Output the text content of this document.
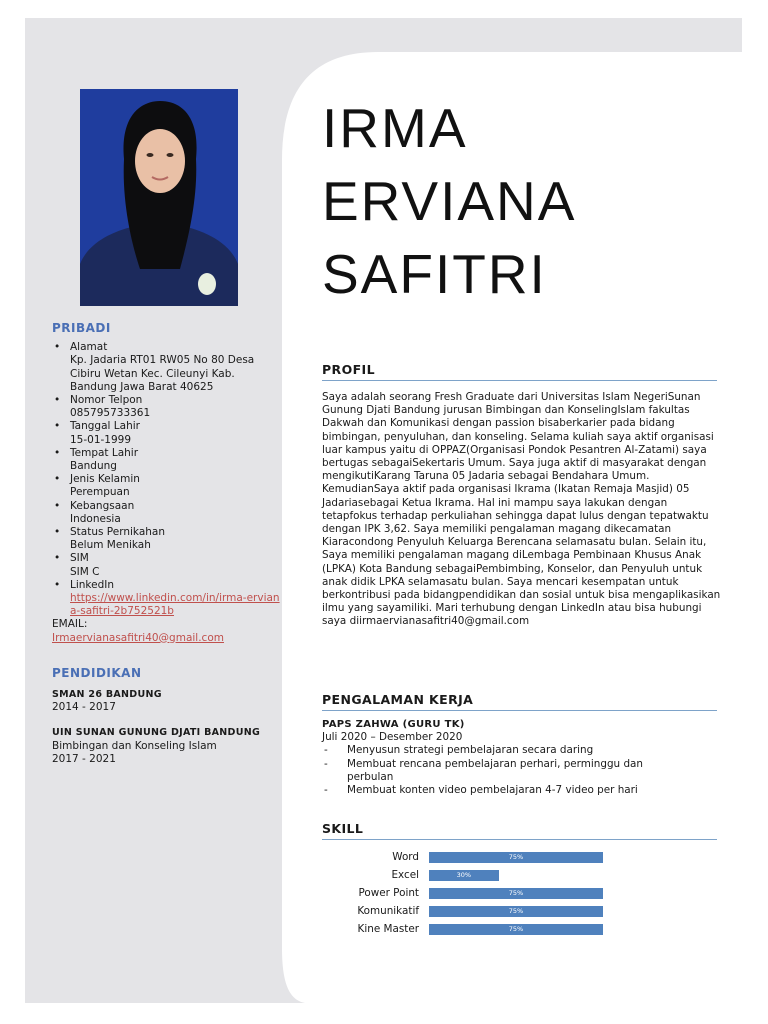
PRIBADI
• Alamat
Kp. Jadaria RT01 RW05 No 80 Desa Cibiru Wetan Kec. Cileunyi Kab. Bandung Jawa Barat 40625
• Nomor Telpon
085795733361
• Tanggal Lahir
15-01-1999
• Tempat Lahir
Bandung
• Jenis Kelamin
Perempuan
• Kebangsaan
Indonesia
• Status Pernikahan
Belum Menikah
• SIM
SIM C
• LinkedIn
https://www.linkedin.com/in/irma-erviana-safitri-2b752521b
EMAIL:
Irmaervianasafitri40@gmail.com
PENDIDIKAN
SMAN 26 BANDUNG
2014 - 2017
UIN SUNAN GUNUNG DJATI BANDUNG
Bimbingan dan Konseling Islam
2017 - 2021
IRMA
ERVIANA
SAFITRI
PROFIL

Saya adalah seorang Fresh Graduate dari Universitas Islam NegeriSunan Gunung Djati Bandung jurusan Bimbingan dan KonselingIslam fakultas Dakwah dan Komunikasi dengan passion bisaberkarier pada bidang bimbingan, penyuluhan, dan konseling. Selama kuliah saya aktif organisasi luar kampus yaitu di OPPAZ(Organisasi Pondok Pesantren Al-Zatami) saya bertugas sebagaiSekertaris Umum. Saya juga aktif di masyarakat dengan mengikutiKarang Taruna 05 Jadaria sebagai Bendahara Umum. KemudianSaya aktif pada organisasi Ikrama (Ikatan Remaja Masjid) 05 Jadariasebagai Ketua Ikrama. Hal ini mampu saya lakukan dengan tetapfokus terhadap perkuliahan sehingga dapat lulus dengan tepatwaktu dengan IPK 3,62. Saya memiliki pengalaman magang dikecamatan Kiaracondong Penyuluh Keluarga Berencana selamasatu bulan. Selain itu, Saya memiliki pengalaman magang diLembaga Pembinaan Khusus Anak (LPKA) Kota Bandung sebagaiPembimbing, Konselor, dan Penyuluh untuk anak didik LPKA selamasatu bulan. Saya mencari kesempatan untuk berkontribusi pada bidangpendidikan dan sosial untuk bisa mengaplikasikan ilmu yang sayamiliki. Mari terhubung dengan LinkedIn atau bisa hubungi saya diirmaervianasafitri40@gmail.com

PENGALAMAN KERJA
PAPS ZAHWA (GURU TK)
Juli 2020 – Desember 2020
- Menyusun strategi pembelajaran secara daring
- Membuat rencana pembelajaran perhari, perminggu dan perbulan
- Membuat konten video pembelajaran 4-7 video per hari
SKILL
Word	75%
Excel	30%
Power Point	75%
Komunikatif	75%
Kine Master	75%
